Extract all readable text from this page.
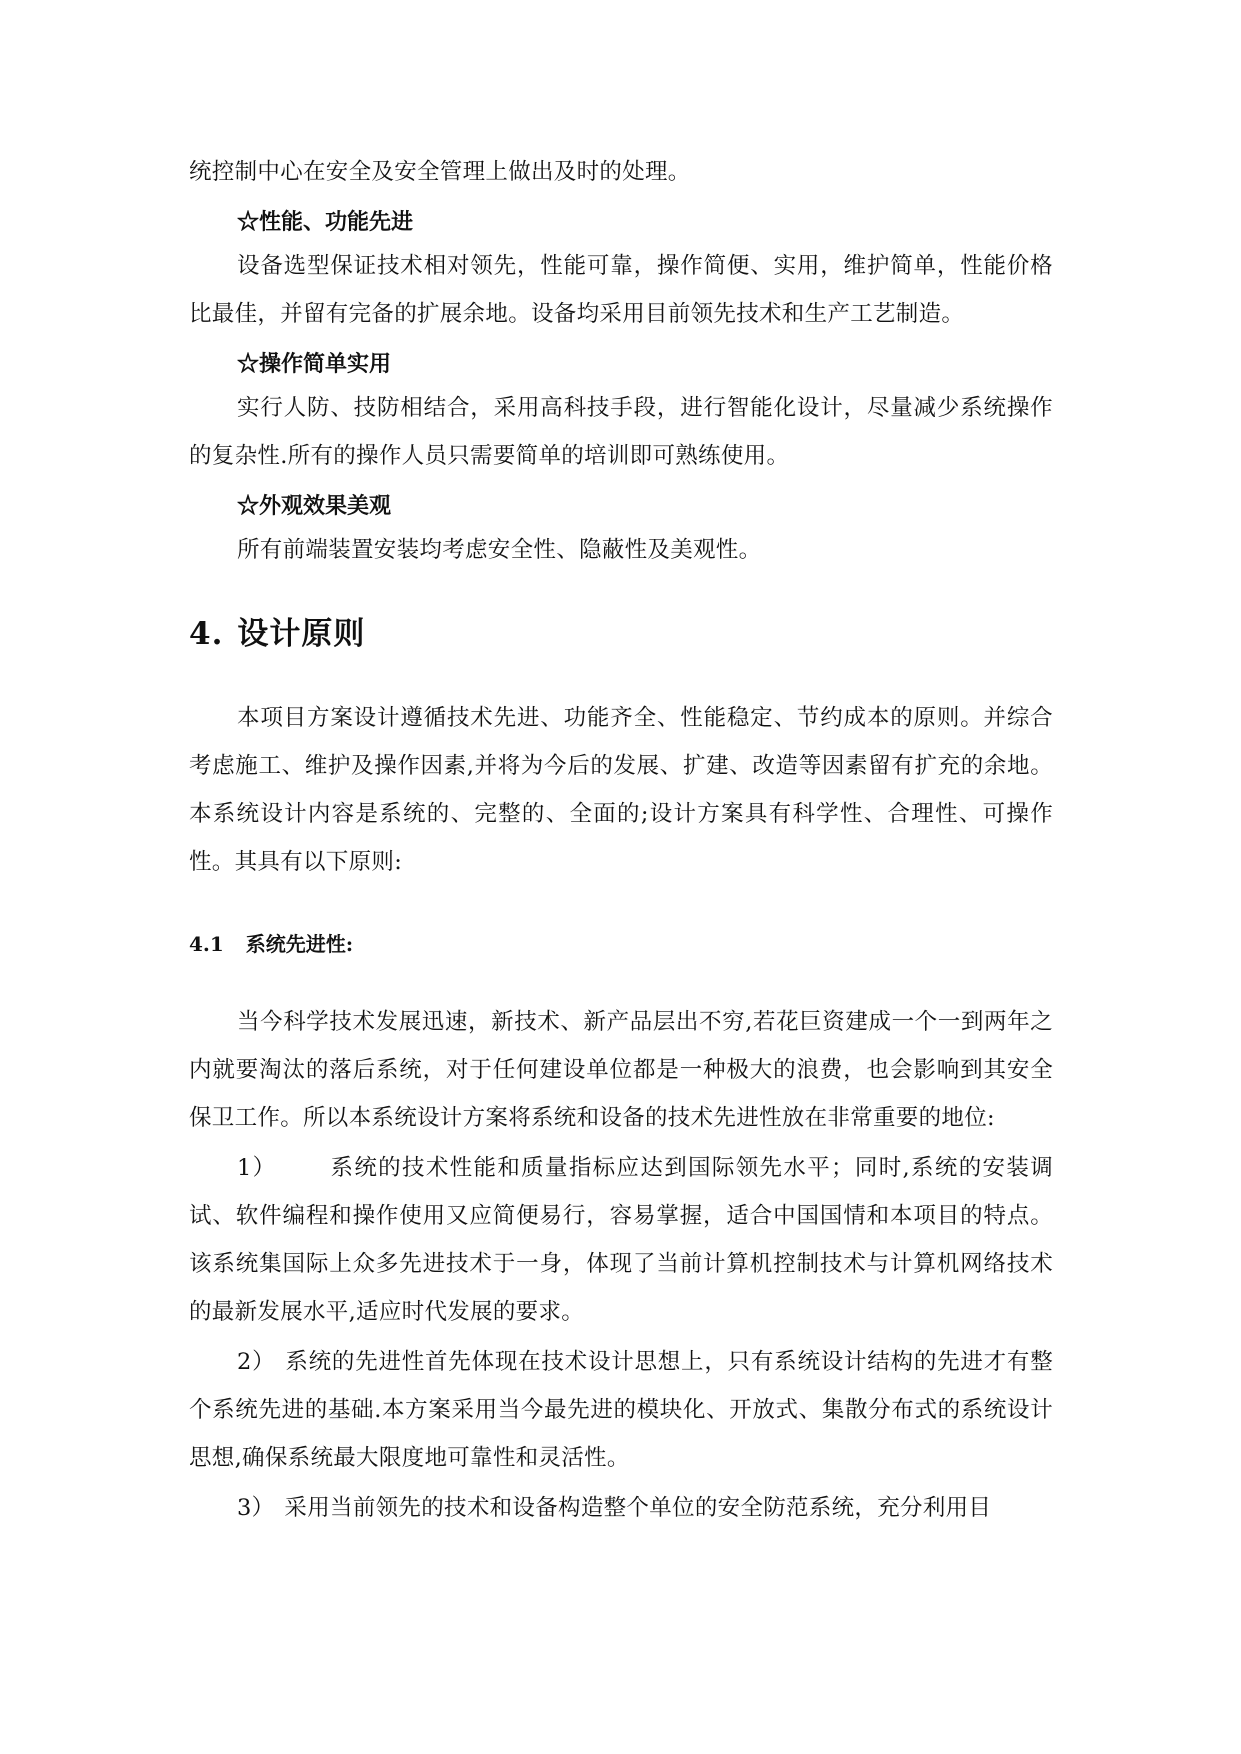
统控制中心在安全及安全管理上做出及时的处理。

☆性能、功能先进

设备选型保证技术相对领先，性能可靠，操作简便、实用，维护简单，性能价格比最佳，并留有完备的扩展余地。设备均采用目前领先技术和生产工艺制造。

☆操作简单实用

实行人防、技防相结合，采用高科技手段，进行智能化设计，尽量减少系统操作的复杂性.所有的操作人员只需要简单的培训即可熟练使用。

☆外观效果美观

所有前端装置安装均考虑安全性、隐蔽性及美观性。

4. 设计原则

本项目方案设计遵循技术先进、功能齐全、性能稳定、节约成本的原则。并综合考虑施工、维护及操作因素,并将为今后的发展、扩建、改造等因素留有扩充的余地。本系统设计内容是系统的、完整的、全面的;设计方案具有科学性、合理性、可操作性。其具有以下原则:

4.1 系统先进性:

当今科学技术发展迅速，新技术、新产品层出不穷,若花巨资建成一个一到两年之内就要淘汰的落后系统，对于任何建设单位都是一种极大的浪费，也会影响到其安全保卫工作。所以本系统设计方案将系统和设备的技术先进性放在非常重要的地位:

1） 系统的技术性能和质量指标应达到国际领先水平；同时,系统的安装调试、软件编程和操作使用又应简便易行，容易掌握，适合中国国情和本项目的特点。该系统集国际上众多先进技术于一身，体现了当前计算机控制技术与计算机网络技术的最新发展水平,适应时代发展的要求。

2） 系统的先进性首先体现在技术设计思想上，只有系统设计结构的先进才有整个系统先进的基础.本方案采用当今最先进的模块化、开放式、集散分布式的系统设计思想,确保系统最大限度地可靠性和灵活性。

3） 采用当前领先的技术和设备构造整个单位的安全防范系统，充分利用目
